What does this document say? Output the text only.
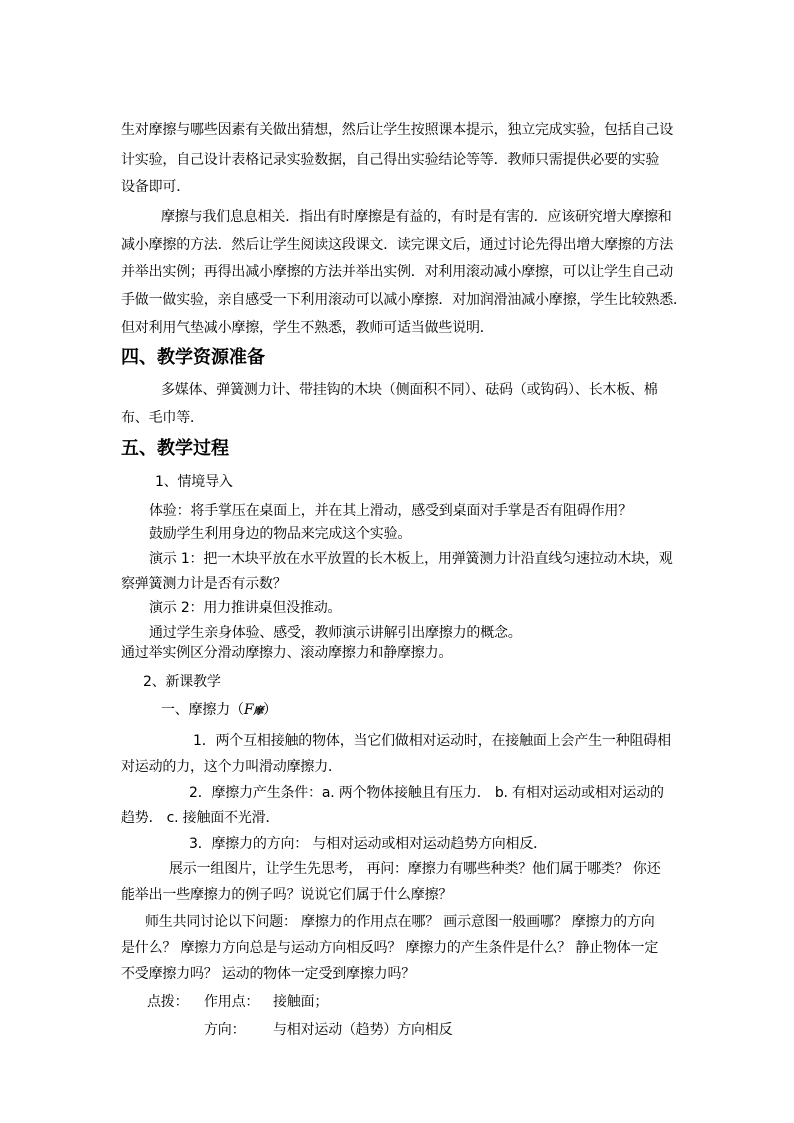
生对摩擦与哪些因素有关做出猜想，然后让学生按照课本提示，独立完成实验，包括自己设
计实验，自己设计表格记录实验数据，自己得出实验结论等等．教师只需提供必要的实验
设备即可．
摩擦与我们息息相关．指出有时摩擦是有益的，有时是有害的．应该研究增大摩擦和
减小摩擦的方法．然后让学生阅读这段课文．读完课文后，通过讨论先得出增大摩擦的方法
并举出实例；再得出减小摩擦的方法并举出实例．对利用滚动减小摩擦，可以让学生自己动
手做一做实验，亲自感受一下利用滚动可以减小摩擦．对加润滑油减小摩擦，学生比较熟悉．
但对利用气垫减小摩擦，学生不熟悉，教师可适当做些说明．
四、教学资源准备
多媒体、弹簧测力计、带挂钩的木块（侧面积不同）、砝码（或钩码）、长木板、棉
布、毛巾等．
五、教学过程
1、情境导入
体验：将手掌压在桌面上，并在其上滑动，感受到桌面对手掌是否有阻碍作用？
鼓励学生利用身边的物品来完成这个实验。
演示 1：把一木块平放在水平放置的长木板上，用弹簧测力计沿直线匀速拉动木块，观
察弹簧测力计是否有示数？
演示 2：用力推讲桌但没推动。
通过学生亲身体验、感受，教师演示讲解引出摩擦力的概念。
通过举实例区分滑动摩擦力、滚动摩擦力和静摩擦力。
2、新课教学
一、摩擦力（F摩）
1．两个互相接触的物体，当它们做相对运动时，在接触面上会产生一种阻碍相
对运动的力，这个力叫滑动摩擦力．
2．摩擦力产生条件：a. 两个物体接触且有压力． b. 有相对运动或相对运动的
趋势． c. 接触面不光滑．
3．摩擦力的方向： 与相对运动或相对运动趋势方向相反．
展示一组图片，让学生先思考， 再问：摩擦力有哪些种类？他们属于哪类？ 你还
能举出一些摩擦力的例子吗？说说它们属于什么摩擦？
师生共同讨论以下问题： 摩擦力的作用点在哪？ 画示意图一般画哪？ 摩擦力的方向
是什么？ 摩擦力方向总是与运动方向相反吗？ 摩擦力的产生条件是什么？ 静止物体一定
不受摩擦力吗？ 运动的物体一定受到摩擦力吗？
点拨： 作用点： 接触面；
方向： 与相对运动（趋势）方向相反
